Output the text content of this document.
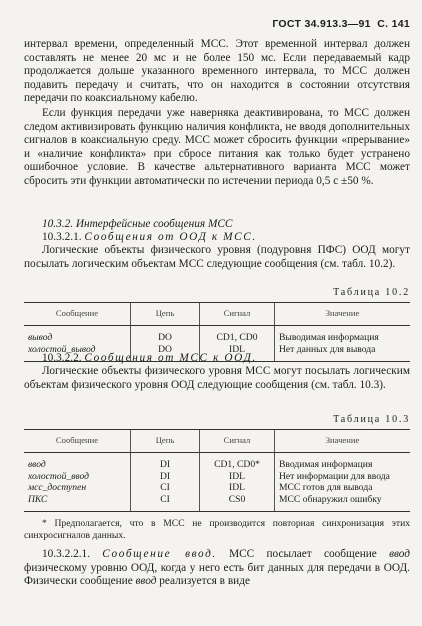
ГОСТ 34.913.3—91 С. 141

интервал времени, определенный МСС. Этот временной интервал должен составлять не менее 20 мс и не более 150 мс. Если передаваемый кадр продолжается дольше указанного временного интервала, то МСС должен подавить передачу и считать, что он находится в состоянии отсутствия передачи по коаксиальному кабелю.

Если функция передачи уже наверняка деактивирована, то МСС должен следом активизировать функцию наличия конфликта, не вводя дополнительных сигналов в коаксиальную среду. МСС может сбросить функции «прерывание» и «наличие конфликта» при сбросе питания как только будет устранено ошибочное условие. В качестве альтернативного варианта МСС может сбросить эти функции автоматически по истечении периода 0,5 с ±50 %.

10.3.2. Интерфейсные сообщения МСС

10.3.2.1. Сообщения от ООД к МСС.

Логические объекты физического уровня (подуровня ПФС) ООД могут посылать логическим объектам МСС следующие сообщения (см. табл. 10.2).

Таблица 10.2
Сообщение	Цепь	Сигнал	Значение
вывод	DO	CD1, CD0	Выводимая информация
холостой_вывод	DO	IDL	Нет данных для вывода

10.3.2.2. Сообщения от МСС к ООД.

Логические объекты физического уровня МСС могут посылать логическим объектам физического уровня ООД следующие сообщения (см. табл. 10.3).

Таблица 10.3
Сообщение	Цепь	Сигнал	Значение
ввод	DI	CD1, CD0*	Вводимая информация
холостой_ввод	DI	IDL	Нет информации для ввода
мсс_доступен	CI	IDL	МСС готов для вывода
ПКС	CI	CS0	МСС обнаружил ошибку

* Предполагается, что в МСС не производится повторная синхронизация этих синхросигналов данных.

10.3.2.2.1. Сообщение ввод. МСС посылает сообщение ввод физическому уровню ООД, когда у него есть бит данных для передачи в ООД. Физически сообщение ввод реализуется в виде
